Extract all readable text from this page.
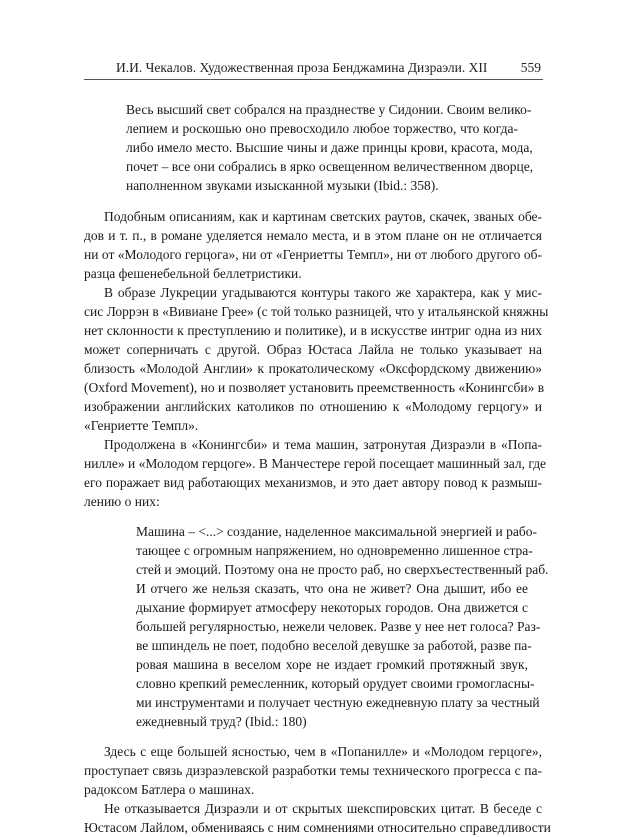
И.И. Чекалов. Художественная проза Бенджамина Дизраэли. XII 559
Весь высший свет собрался на празднестве у Сидонии. Своим велико-
лепием и роскошью оно превосходило любое торжество, что когда-
либо имело место. Высшие чины и даже принцы крови, красота, мода,
почет – все они собрались в ярко освещенном величественном дворце,
наполненном звуками изысканной музыки (Ibid.: 358).
Подобным описаниям, как и картинам светских раутов, скачек, званых обе-
дов и т. п., в романе уделяется немало места, и в этом плане он не отличается
ни от «Молодого герцога», ни от «Генриетты Темпл», ни от любого другого об-
разца фешенебельной беллетристики.
В образе Лукреции угадываются контуры такого же характера, как у мис-
сис Лоррэн в «Вивиане Грее» (с той только разницей, что у итальянской княжны
нет склонности к преступлению и политике), и в искусстве интриг одна из них
может соперничать с другой. Образ Юстаса Лайла не только указывает на
близость «Молодой Англии» к прокатолическому «Оксфордскому движению»
(Oxford Movement), но и позволяет установить преемственность «Конингсби» в
изображении английских католиков по отношению к «Молодому герцогу» и
«Генриетте Темпл».
Продолжена в «Конингсби» и тема машин, затронутая Дизраэли в «Попа-
нилле» и «Молодом герцоге». В Манчестере герой посещает машинный зал, где
его поражает вид работающих механизмов, и это дает автору повод к размыш-
лению о них:
Машина – <...> создание, наделенное максимальной энергией и рабо-
тающее с огромным напряжением, но одновременно лишенное стра-
стей и эмоций. Поэтому она не просто раб, но сверхъестественный раб.
И отчего же нельзя сказать, что она не живет? Она дышит, ибо ее
дыхание формирует атмосферу некоторых городов. Она движется с
большей регулярностью, нежели человек. Разве у нее нет голоса? Раз-
ве шпиндель не поет, подобно веселой девушке за работой, разве па-
ровая машина в веселом хоре не издает громкий протяжный звук,
словно крепкий ремесленник, который орудует своими громогласны-
ми инструментами и получает честную ежедневную плату за честный
ежедневный труд? (Ibid.: 180)
Здесь с еще большей ясностью, чем в «Попанилле» и «Молодом герцоге»,
проступает связь дизраэлевской разработки темы технического прогресса с па-
радоксом Батлера о машинах.
Не отказывается Дизраэли и от скрытых шекспировских цитат. В беседе с
Юстасом Лайлом, обмениваясь с ним сомнениями относительно справедливости
